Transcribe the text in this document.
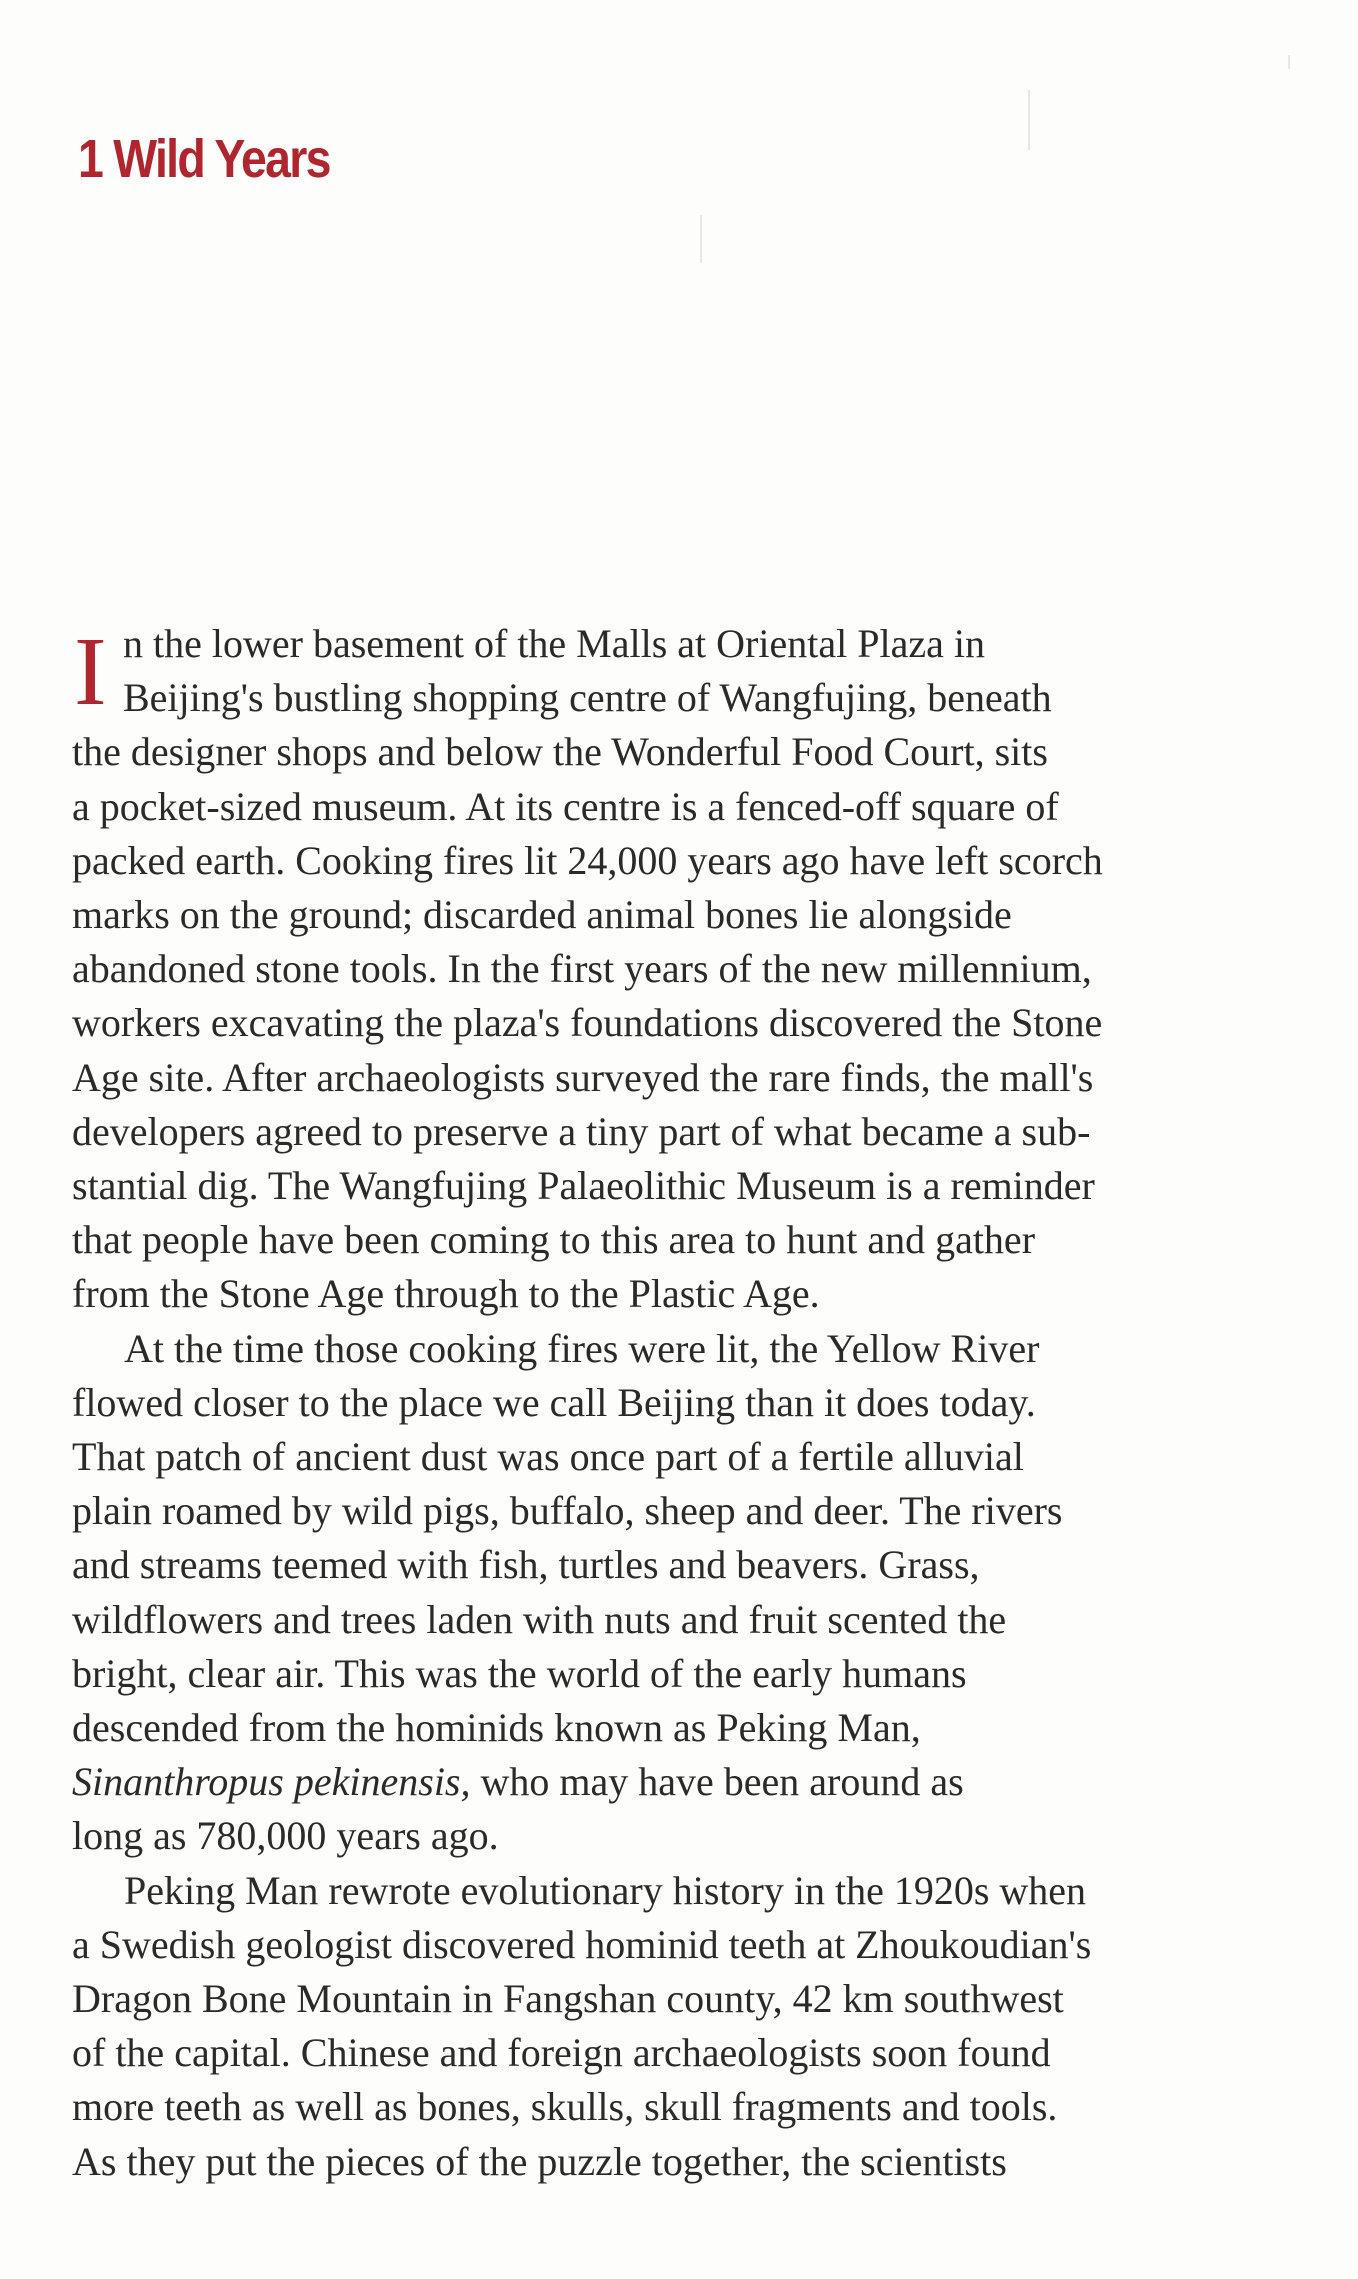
1 Wild Years
I n the lower basement of the Malls at Oriental Plaza in
Beijing's bustling shopping centre of Wangfujing, beneath
the designer shops and below the Wonderful Food Court, sits
a pocket-sized museum. At its centre is a fenced-off square of
packed earth. Cooking fires lit 24,000 years ago have left scorch
marks on the ground; discarded animal bones lie alongside
abandoned stone tools. In the first years of the new millennium,
workers excavating the plaza's foundations discovered the Stone
Age site. After archaeologists surveyed the rare finds, the mall's
developers agreed to preserve a tiny part of what became a sub-
stantial dig. The Wangfujing Palaeolithic Museum is a reminder
that people have been coming to this area to hunt and gather
from the Stone Age through to the Plastic Age.
At the time those cooking fires were lit, the Yellow River
flowed closer to the place we call Beijing than it does today.
That patch of ancient dust was once part of a fertile alluvial
plain roamed by wild pigs, buffalo, sheep and deer. The rivers
and streams teemed with fish, turtles and beavers. Grass,
wildflowers and trees laden with nuts and fruit scented the
bright, clear air. This was the world of the early humans
descended from the hominids known as Peking Man,
Sinanthropus pekinensis, who may have been around as
long as 780,000 years ago.
Peking Man rewrote evolutionary history in the 1920s when
a Swedish geologist discovered hominid teeth at Zhoukoudian's
Dragon Bone Mountain in Fangshan county, 42 km southwest
of the capital. Chinese and foreign archaeologists soon found
more teeth as well as bones, skulls, skull fragments and tools.
As they put the pieces of the puzzle together, the scientists
